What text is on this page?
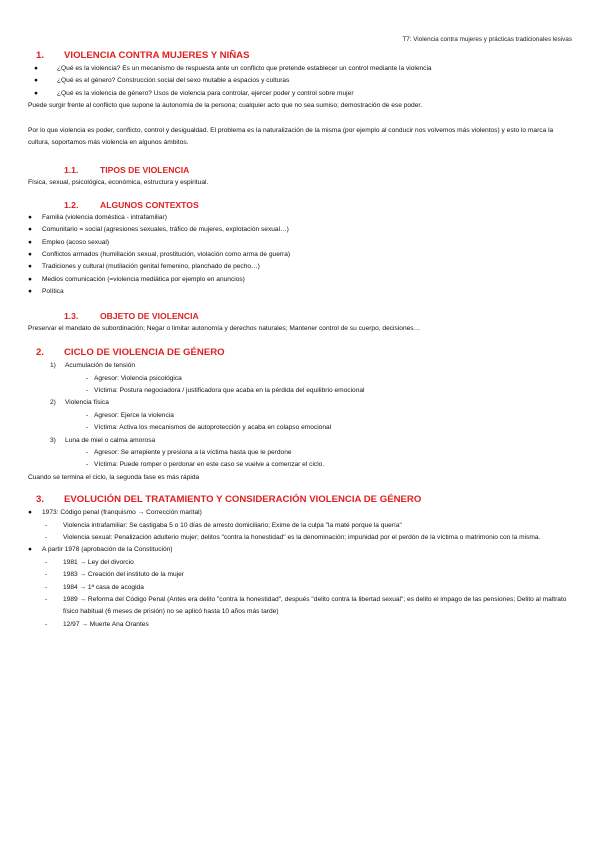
T7: Violencia contra mujeres y prácticas tradicionales lesivas
1. VIOLENCIA CONTRA MUJERES Y NIÑAS
●	¿Qué es la violencia? Es un mecanismo de respuesta ante un conflicto que pretende establecer un control mediante la violencia
●	¿Qué es el género? Construcción social del sexo mutable a espacios y culturas
●	¿Qué es la violencia de género? Usos de violencia para controlar, ejercer poder y control sobre mujer
Puede surgir frente al conflicto que supone la autonomía de la persona; cualquier acto que no sea sumiso; demostración de ese poder.
Por lo que violencia es poder, conflicto, control y desigualdad. El problema es la naturalización de la misma (por ejemplo al conducir nos volvemos más violentos) y esto lo marca la cultura, soportamos más violencia en algunos ámbitos.
1.1.	TIPOS DE VIOLENCIA
Física, sexual, psicológica, económica, estructura y espiritual.
1.2.	ALGUNOS CONTEXTOS
● Familia (violencia doméstica - intrafamiliar)
● Comunitario = social (agresiones sexuales, tráfico de mujeres, explotación sexual…)
● Empleo (acoso sexual)
● Conflictos armados (humillación sexual, prostitución, violación como arma de guerra)
● Tradiciones y cultural (mutilación genital femenino, planchado de pecho…)
● Medios comunicación (=violencia mediática por ejemplo en anuncios)
● Política
1.3.	OBJETO DE VIOLENCIA
Preservar el mandato de subordinación; Negar o limitar autonomía y derechos naturales; Mantener control de su cuerpo, decisiones…
2. CICLO DE VIOLENCIA DE GÉNERO
1) Acumulación de tensión
- Agresor: Violencia psicológica
- Víctima: Postura negociadora / justificadora que acaba en la pérdida del equilibrio emocional
2) Violencia física
- Agresor: Ejerce la violencia
- Víctima: Activa los mecanismos de autoprotección y acaba en colapso emocional
3) Luna de miel o calma amorosa
- Agresor: Se arrepiente y presiona a la víctima hasta que le perdone
- Víctima: Puede romper o perdonar en este caso se vuelve a comenzar el ciclo.
Cuando se termina el ciclo, la segunda fase es más rápida
3. EVOLUCIÓN DEL TRATAMIENTO Y CONSIDERACIÓN VIOLENCIA DE GÉNERO
● 1973: Código penal (franquismo → Corrección marital)
- Violencia intrafamiliar: Se castigaba 5 o 10 días de arresto domiciliario; Exime de la culpa "la maté porque la quería"
- Violencia sexual: Penalización adulterio mujer; delitos "contra la honestidad" es la denominación; impunidad por el perdón de la víctima o matrimonio con la misma.
● A partir 1978 (aprobación de la Constitución)
- 1981 → Ley del divorcio
- 1983 → Creación del instituto de la mujer
- 1984 → 1ª casa de acogida
- 1989 → Reforma del Código Penal (Antes era delito "contra la honestidad", después "delito contra la libertad sexual"; es delito el impago de las pensiones; Delito al maltrato físico habitual (6 meses de prisión) no se aplicó hasta 10 años más tarde)
- 12/97 → Muerte Ana Orantes
